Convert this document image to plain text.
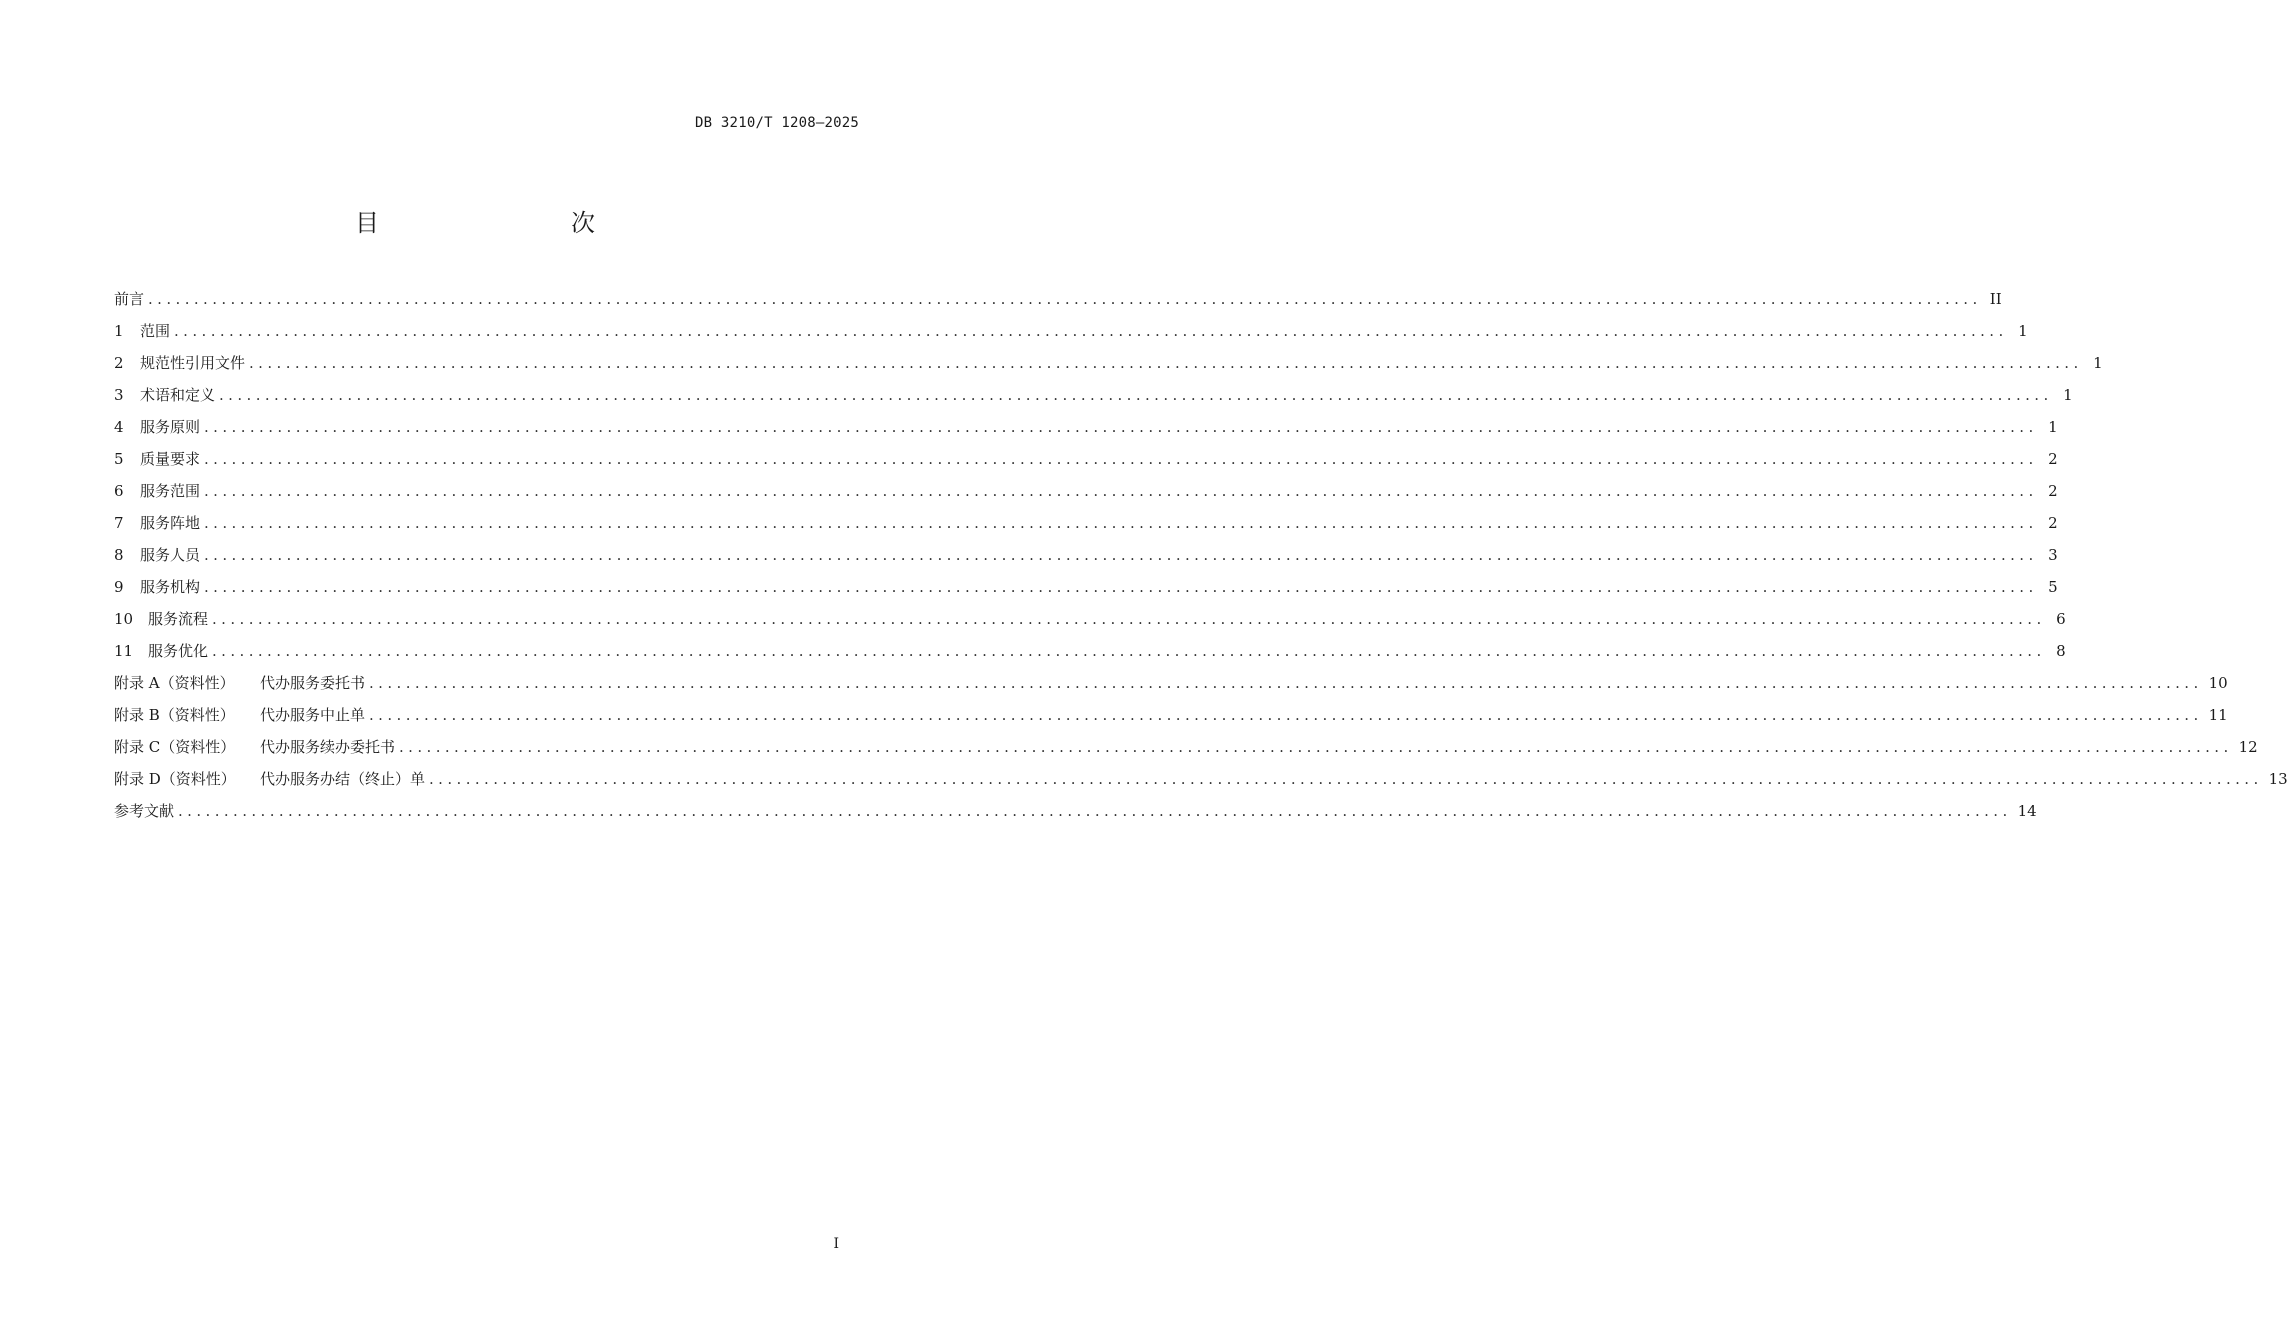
DB 3210/T 1208—2025
目　　次
前言 ........................................................................................................................................................................................................ II
1 范围 ........................................................................................................................................................................................................ 1
2 规范性引用文件 ........................................................................................................................................................................................................ 1
3 术语和定义 ........................................................................................................................................................................................................ 1
4 服务原则 ........................................................................................................................................................................................................ 1
5 质量要求 ........................................................................................................................................................................................................ 2
6 服务范围 ........................................................................................................................................................................................................ 2
7 服务阵地 ........................................................................................................................................................................................................ 2
8 服务人员 ........................................................................................................................................................................................................ 3
9 服务机构 ........................................................................................................................................................................................................ 5
10 服务流程 ........................................................................................................................................................................................................ 6
11 服务优化 ........................................................................................................................................................................................................ 8
附录 A（资料性） 代办服务委托书 ........................................................................................................................................................................................................ 10
附录 B（资料性） 代办服务中止单 ........................................................................................................................................................................................................ 11
附录 C（资料性） 代办服务续办委托书 ........................................................................................................................................................................................................ 12
附录 D（资料性） 代办服务办结（终止）单 ........................................................................................................................................................................................................ 13
参考文献 ........................................................................................................................................................................................................ 14
I
